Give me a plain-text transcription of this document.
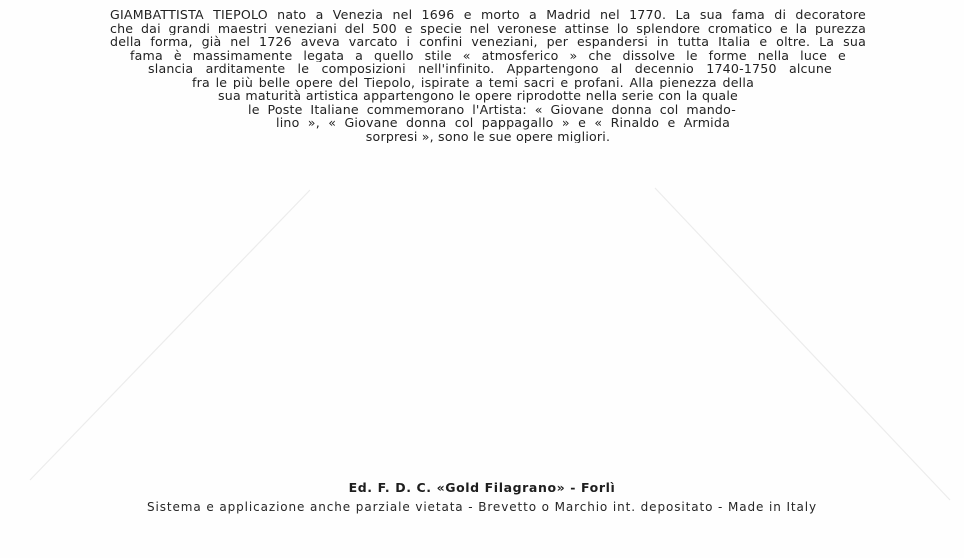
GIAMBATTISTA TIEPOLO nato a Venezia nel 1696 e morto a Madrid nel 1770. La sua fama di decoratore
che dai grandi maestri veneziani del 500 e specie nel veronese attinse lo splendore cromatico e la purezza
della forma, già nel 1726 aveva varcato i confini veneziani, per espandersi in tutta Italia e oltre. La sua
fama è massimamente legata a quello stile « atmosferico » che dissolve le forme nella luce e
slancia arditamente le composizioni nell'infinito. Appartengono al decennio 1740-1750 alcune
fra le più belle opere del Tiepolo, ispirate a temi sacri e profani. Alla pienezza della
sua maturità artistica appartengono le opere riprodotte nella serie con la quale
le Poste Italiane commemorano l'Artista: « Giovane donna col mando-
lino », « Giovane donna col pappagallo » e « Rinaldo e Armida
sorpresi », sono le sue opere migliori.
Ed. F. D. C. «Gold Filagrano» - Forlì
Sistema e applicazione anche parziale vietata - Brevetto o Marchio int. depositato - Made in Italy
